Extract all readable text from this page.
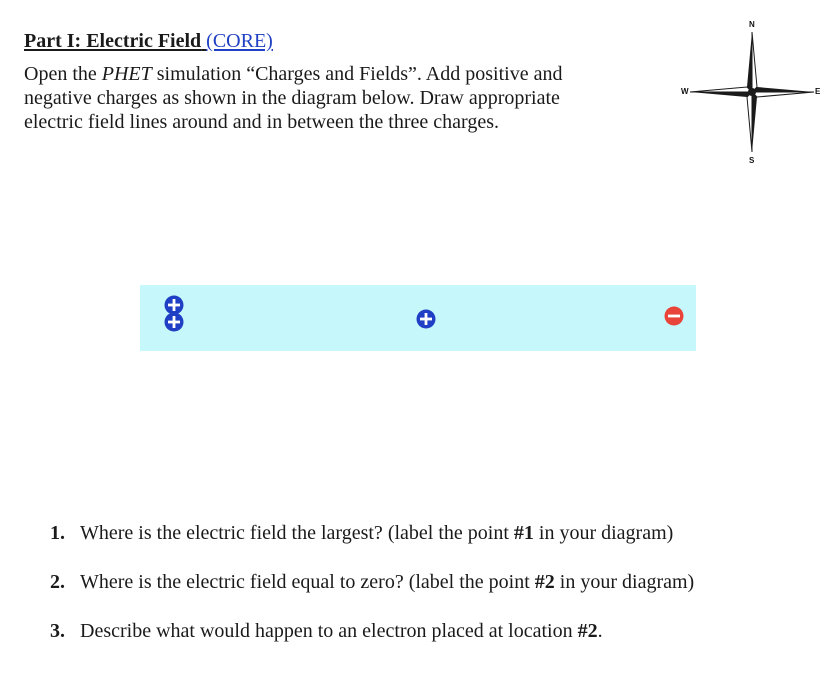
Part I: Electric Field (CORE)

Open the PHET simulation “Charges and Fields”. Add positive and

negative charges as shown in the diagram below. Draw appropriate

electric field lines around and in between the three charges.

N
S
E
W
1. Where is the electric field the largest? (label the point #1 in your diagram)
2. Where is the electric field equal to zero? (label the point #2 in your diagram)
3. Describe what would happen to an electron placed at location #2.
